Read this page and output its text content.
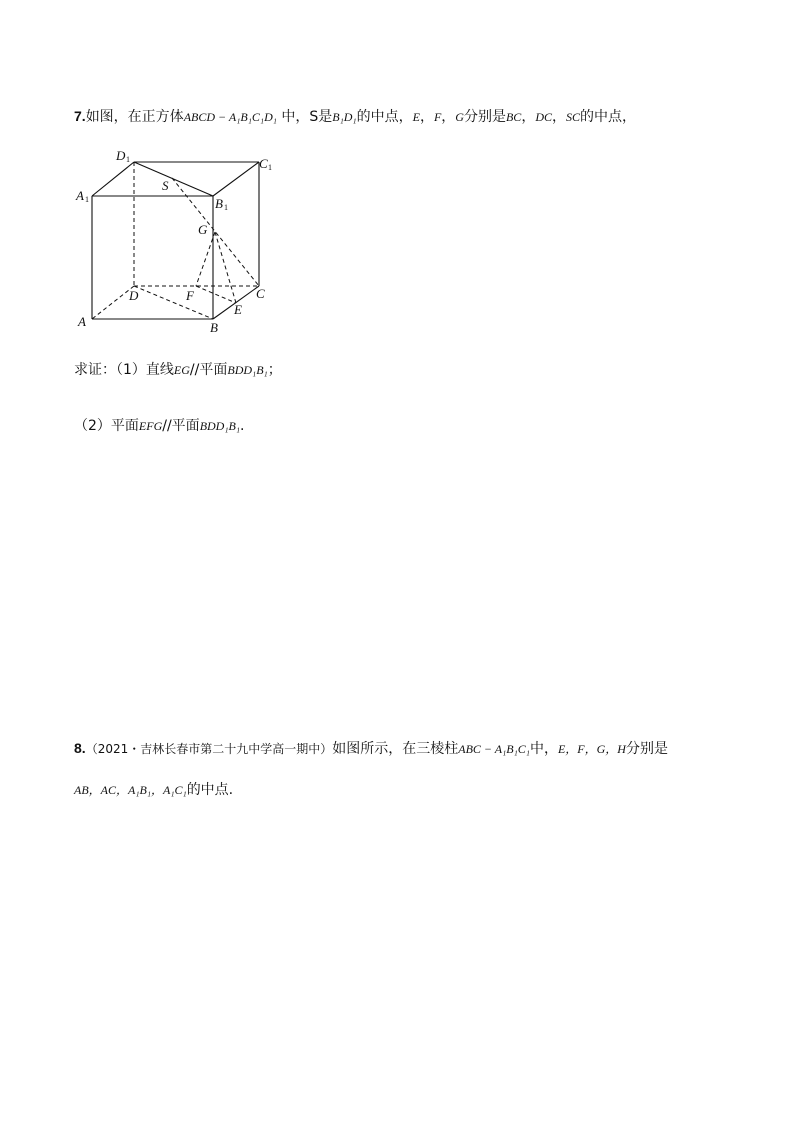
7.如图，在正方体ABCD − A₁B₁C₁D₁ 中，S是B₁D₁的中点，E，F，G分别是BC，DC，SC的中点，
D 1	C 1
A 1	B 1
S
G
D	F	C
E
A	B
求证：（1）直线EG//平面BDD₁B₁；
（2）平面EFG//平面BDD₁B₁.
8.（2021・吉林长春市第二十九中学高一期中）如图所示，在三棱柱ABC − A₁B₁C₁中，E，F，G，H分别是
AB，AC，A₁B₁，A₁C₁的中点.
